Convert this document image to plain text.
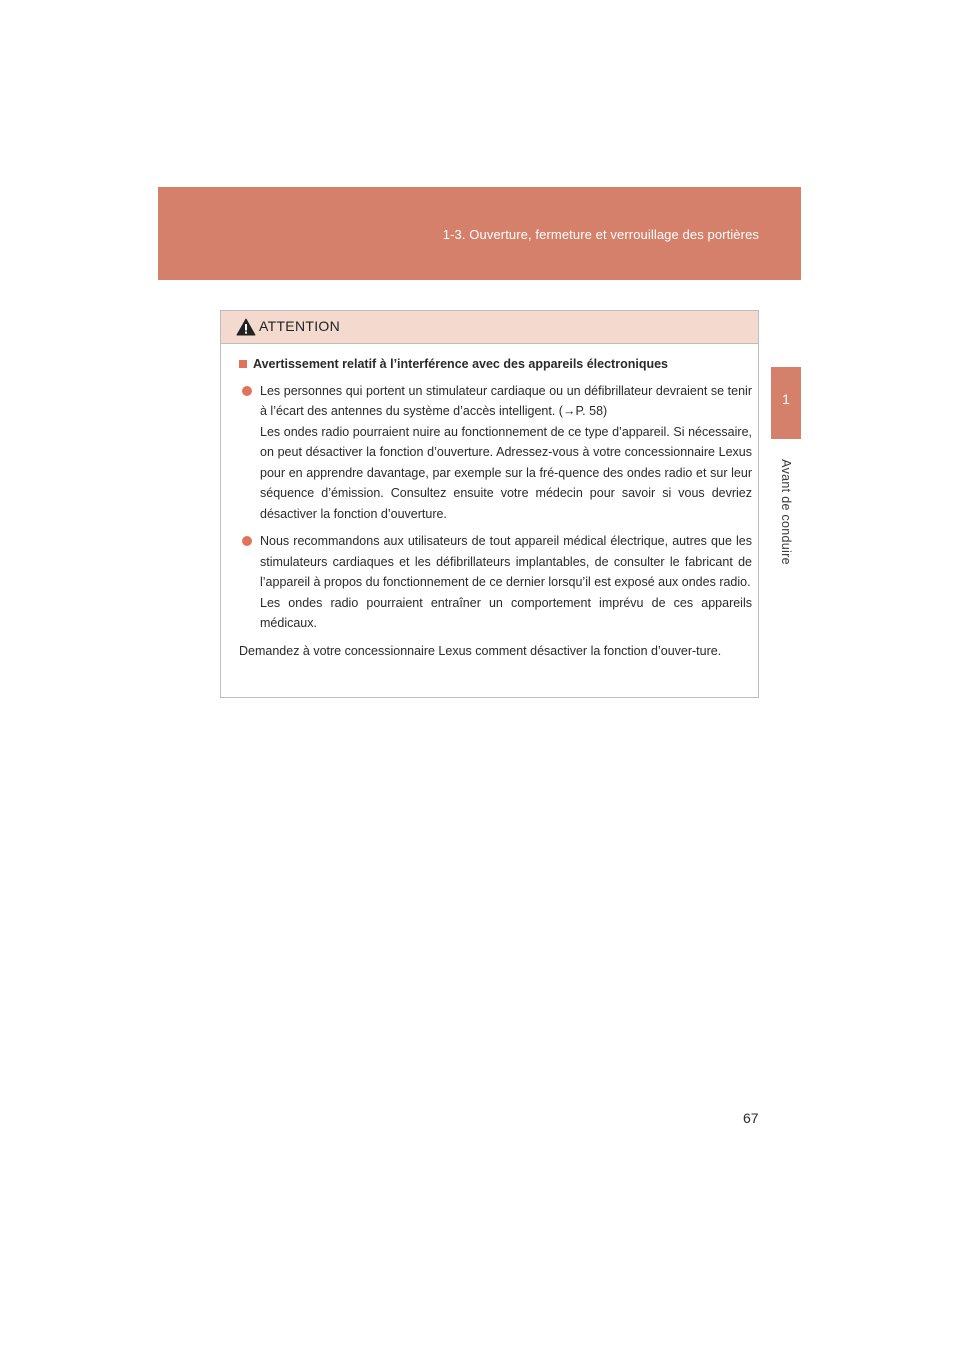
1-3. Ouverture, fermeture et verrouillage des portières
1
Avant de conduire
ATTENTION
Avertissement relatif à l’interférence avec des appareils électroniques

Les personnes qui portent un stimulateur cardiaque ou un défibrillateur devraient se tenir à l’écart des antennes du système d’accès intelligent. (→P. 58)

Les ondes radio pourraient nuire au fonctionnement de ce type d’appareil. Si nécessaire, on peut désactiver la fonction d’ouverture. Adressez-vous à votre concessionnaire Lexus pour en apprendre davantage, par exemple sur la fré-quence des ondes radio et sur leur séquence d’émission. Consultez ensuite votre médecin pour savoir si vous devriez désactiver la fonction d’ouverture.

Nous recommandons aux utilisateurs de tout appareil médical électrique, autres que les stimulateurs cardiaques et les défibrillateurs implantables, de consulter le fabricant de l’appareil à propos du fonctionnement de ce dernier lorsqu’il est exposé aux ondes radio.

Les ondes radio pourraient entraîner un comportement imprévu de ces appareils médicaux.

Demandez à votre concessionnaire Lexus comment désactiver la fonction d’ouver-ture.

67
